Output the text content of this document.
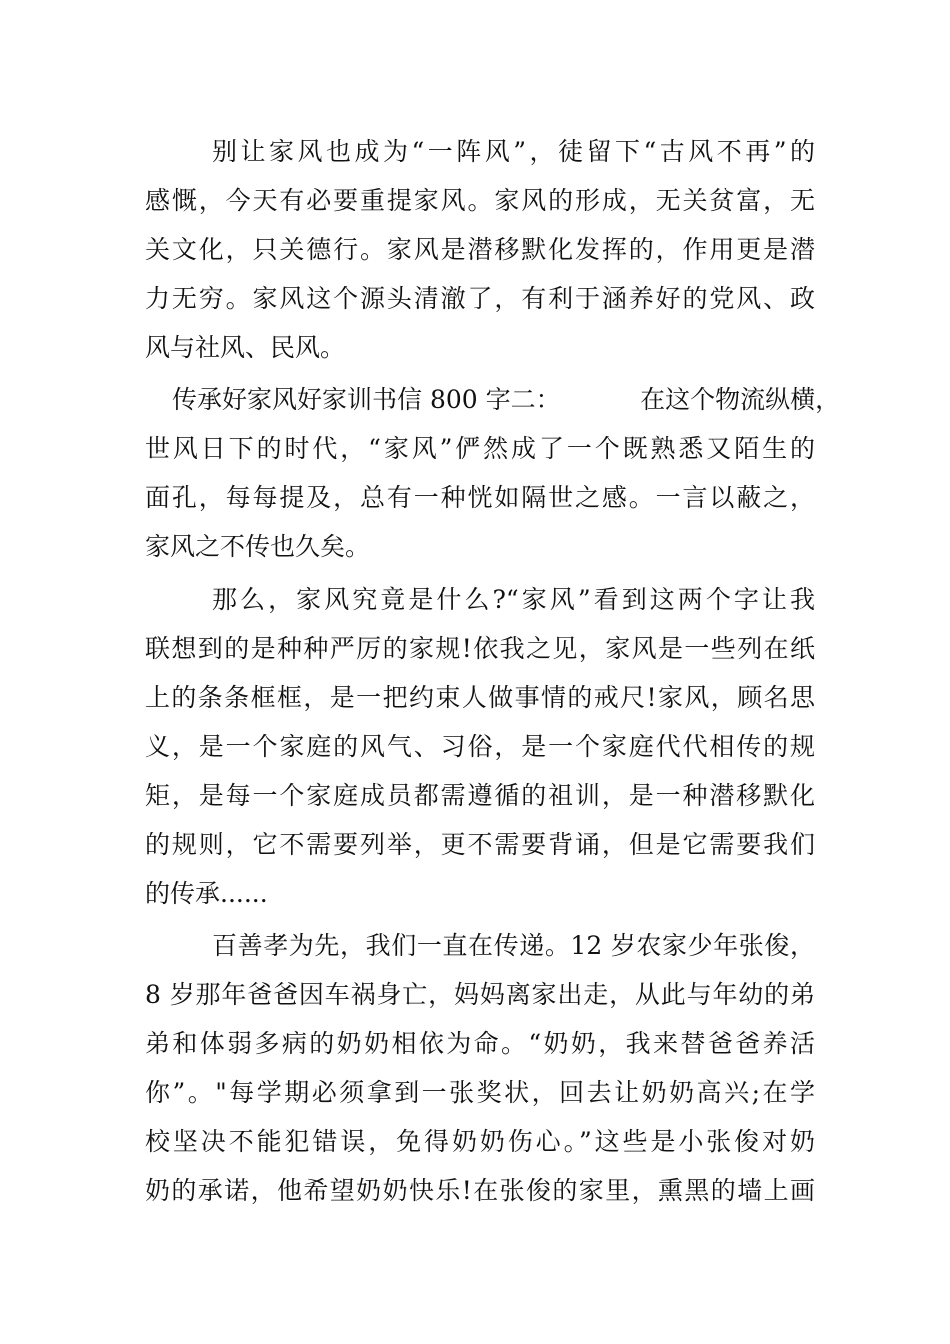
别让家风也成为“一阵风”，徒留下“古风不再”的
感慨，今天有必要重提家风。家风的形成，无关贫富，无
关文化，只关德行。家风是潜移默化发挥的，作用更是潜
力无穷。家风这个源头清澈了，有利于涵养好的党风、政
风与社风、民风。
传承好家风好家训书信 800 字二：          在这个物流纵横，
世风日下的时代，“家风”俨然成了一个既熟悉又陌生的
面孔，每每提及，总有一种恍如隔世之感。一言以蔽之，
家风之不传也久矣。
那么，家风究竟是什么?“家风”看到这两个字让我
联想到的是种种严厉的家规!依我之见，家风是一些列在纸
上的条条框框，是一把约束人做事情的戒尺!家风，顾名思
义，是一个家庭的风气、习俗，是一个家庭代代相传的规
矩，是每一个家庭成员都需遵循的祖训，是一种潜移默化
的规则，它不需要列举，更不需要背诵，但是它需要我们
的传承......
百善孝为先，我们一直在传递。12 岁农家少年张俊，
8 岁那年爸爸因车祸身亡，妈妈离家出走，从此与年幼的弟
弟和体弱多病的奶奶相依为命。“奶奶，我来替爸爸养活
你”。"每学期必须拿到一张奖状，回去让奶奶高兴;在学
校坚决不能犯错误，免得奶奶伤心。”这些是小张俊对奶
奶的承诺，他希望奶奶快乐!在张俊的家里，熏黑的墙上画
